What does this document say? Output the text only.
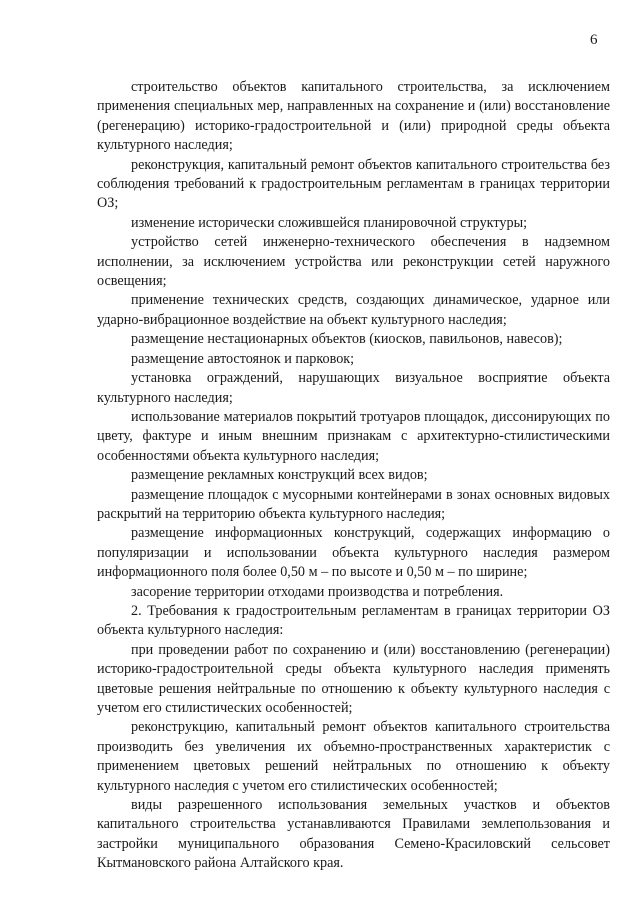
6

строительство объектов капитального строительства, за исключением применения специальных мер, направленных на сохранение и (или) восстановление (регенерацию) историко-градостроительной и (или) природной среды объекта культурного наследия;

реконструкция, капитальный ремонт объектов капитального строительства без соблюдения требований к градостроительным регламентам в границах территории ОЗ;

изменение исторически сложившейся планировочной структуры;

устройство сетей инженерно-технического обеспечения в надземном исполнении, за исключением устройства или реконструкции сетей наружного освещения;

применение технических средств, создающих динамическое, ударное или ударно-вибрационное воздействие на объект культурного наследия;

размещение нестационарных объектов (киосков, павильонов, навесов);

размещение автостоянок и парковок;

установка ограждений, нарушающих визуальное восприятие объекта культурного наследия;

использование материалов покрытий тротуаров площадок, диссонирующих по цвету, фактуре и иным внешним признакам с архитектурно-стилистическими особенностями объекта культурного наследия;

размещение рекламных конструкций всех видов;

размещение площадок с мусорными контейнерами в зонах основных видовых раскрытий на территорию объекта культурного наследия;

размещение информационных конструкций, содержащих информацию о популяризации и использовании объекта культурного наследия размером информационного поля более 0,50 м – по высоте и 0,50 м – по ширине;

засорение территории отходами производства и потребления.

2. Требования к градостроительным регламентам в границах территории ОЗ объекта культурного наследия:

при проведении работ по сохранению и (или) восстановлению (регенерации) историко-градостроительной среды объекта культурного наследия применять цветовые решения нейтральные по отношению к объекту культурного наследия с учетом его стилистических особенностей;

реконструкцию, капитальный ремонт объектов капитального строительства производить без увеличения их объемно-пространственных характеристик с применением цветовых решений нейтральных по отношению к объекту культурного наследия с учетом его стилистических особенностей;

виды разрешенного использования земельных участков и объектов капитального строительства устанавливаются Правилами землепользования и застройки муниципального образования Семено-Красиловский сельсовет Кытмановского района Алтайского края.
